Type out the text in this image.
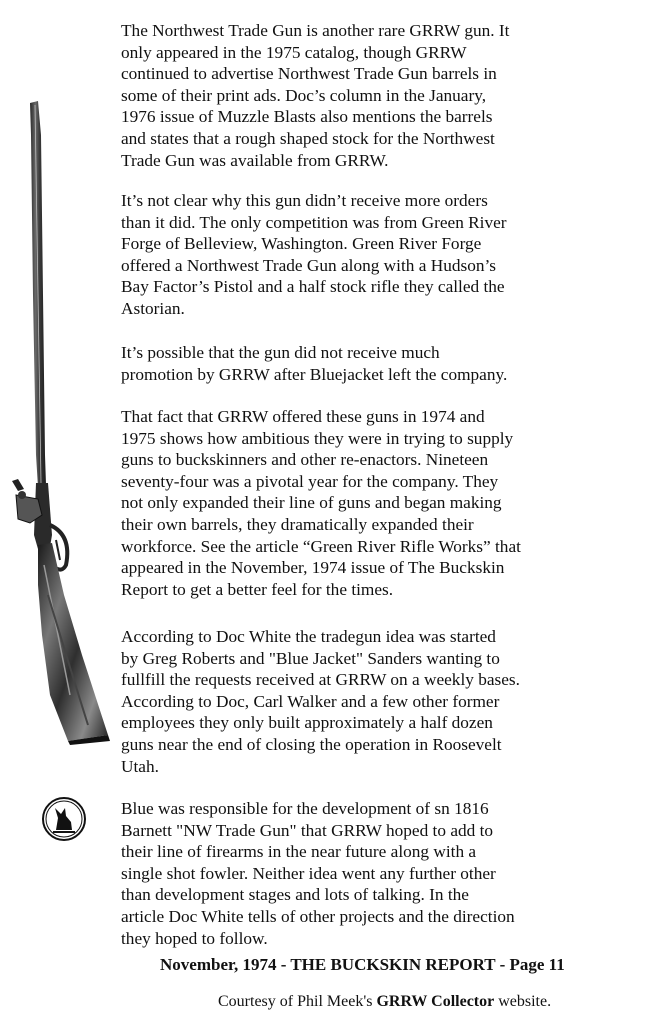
The Northwest Trade Gun is another rare GRRW gun. It
only appeared in the 1975 catalog, though GRRW
continued to advertise Northwest Trade Gun barrels in
some of their print ads. Doc’s column in the January,
1976 issue of Muzzle Blasts also mentions the barrels
and states that a rough shaped stock for the Northwest
Trade Gun was available from GRRW.

It’s not clear why this gun didn’t receive more orders
than it did. The only competition was from Green River
Forge of Belleview, Washington. Green River Forge
offered a Northwest Trade Gun along with a Hudson’s
Bay Factor’s Pistol and a half stock rifle they called the
Astorian.

It’s possible that the gun did not receive much
promotion by GRRW after Bluejacket left the company.

That fact that GRRW offered these guns in 1974 and
1975 shows how ambitious they were in trying to supply
guns to buckskinners and other re-enactors. Nineteen
seventy-four was a pivotal year for the company. They
not only expanded their line of guns and began making
their own barrels, they dramatically expanded their
workforce. See the article “Green River Rifle Works” that
appeared in the November, 1974 issue of The Buckskin
Report to get a better feel for the times.

According to Doc White the tradegun idea was started
by Greg Roberts and "Blue Jacket" Sanders wanting to
fullfill the requests received at GRRW on a weekly bases.
According to Doc, Carl Walker and a few other former
employees they only built approximately a half dozen
guns near the end of closing the operation in Roosevelt
Utah.

Blue was responsible for the development of sn 1816
Barnett "NW Trade Gun" that GRRW hoped to add to
their line of firearms in the near future along with a
single shot fowler. Neither idea went any further other
than development stages and lots of talking. In the
article Doc White tells of other projects and the direction
they hoped to follow.

November, 1974 - THE BUCKSKIN REPORT - Page 11
Courtesy of Phil Meek's GRRW Collector website.
